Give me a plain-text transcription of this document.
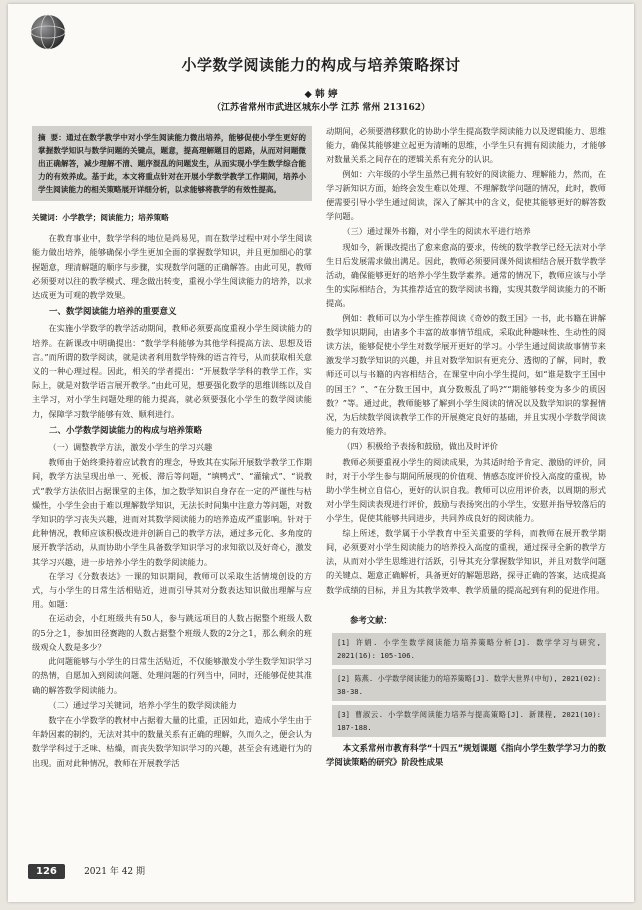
小学数学阅读能力的构成与培养策略探讨
◆ 韩 婷
（江苏省常州市武进区城东小学 江苏 常州 213162）
摘 要：通过在数学教学中对小学生阅读能力微出培养，能够促使小学生更好的掌握数学知识与数学问题的关键点，题意，提高理解题目的思路，从而对问题微出正确解答，减少理解不清、题序混乱的问题发生，从而实现小学生数学综合能力的有效养成。基于此，本文将重点针对在开展小学数学教学工作期间，培养小学生阅读能力的相关策略展开详细分析，以求能够将教学的有效性提高。
关键词：小学教学；阅读能力；培养策略

在教育事业中，数学学科的地位是尚易见，而在数学过程中对小学生阅读能力做出培养，能够确保小学生更加全面的掌握数学知识，并且更加细心的掌握题意，理清解题的顺序与步骤，实现数学问题的正确解答。由此可见，教师必须要对以往的教学模式、理念做出转变，重视小学生阅读能力的培养，以求达成更为可观的教学效果。

一、数学阅读能力培养的重要意义

在实施小学数学的教学活动期间，教师必须要高度重视小学生阅读能力的培养。在新课改中明确提出：“数学学科能够为其他学科提高方法、思想及语言。”而所谓的数学阅读，就是读者利用数学特殊的语言符号，从而获取相关意义的一种心理过程。因此，相关的学者提出：“开展数学学科的教学工作，实际上，就是对数学语言展开教学。”由此可见，想要强化数学的思维训练以及自主学习，对小学生问题处理的能力提高，就必须要强化小学生的数学阅读能力，保障学习数学能够有效、顺利进行。

二、小学数学阅读能力的构成与培养策略
（一）调整教学方法，激发小学生的学习兴趣

教师由于始终秉持着应试教育的理念，导致其在实际开展数学教学工作期间，教学方法呈现出单一、死板、滞后等问题，“填鸭式”、“灌输式”、“说教式”教学方法依旧占据课堂的主体，加之数学知识自身存在一定的严谨性与枯燥性，小学生会由于难以理解数学知识，无法长时间集中注意力等问题，对数学知识的学习丧失兴趣，进而对其数学阅读能力的培养造成严重影响。针对于此种情况，教师应该积极改进并创新自己的教学方法，通过多元化、多角度的展开教学活动，从而协助小学生具备数学知识学习的求知欲以及好奇心，激发其学习兴趣，进一步培养小学生的数学阅读能力。

在学习《分数表达》一课的知识期间，教师可以采取生活情境创设的方式，与小学生的日常生活相贴近，进而引导其对分数表达知识做出理解与应用。如题：

在运动会，小红班级共有50人，参与跳远项目的人数占据整个班级人数的5分之1，参加田径赛跑的人数占据整个班级人数的2分之1，那么剩余的班级观众人数是多少？

此问题能够与小学生的日常生活贴近，不仅能够激发小学生数学知识学习的热情，自愿加入到阅读问题、处理问题的行列当中，同时，还能够促使其准确的解答数学阅读能力。

（二）通过学习关键词，培养小学生的数学阅读能力

数字在小学数学的教材中占据着大量的比重，正因如此，造成小学生由于年龄因素的制约，无法对其中的数量关系有正确的理解，久而久之，便会认为数学学科过于乏味、枯燥，而丧失数学知识学习的兴趣，甚至会有逃避行为的出现。面对此种情况，教师在开展教学活

动期间，必须要潜移默化的协助小学生提高数学阅读能力以及逻辑能力、思维能力，确保其能够建立起更为清晰的思维，小学生只有拥有阅读能力，才能够对数量关系之间存在的逻辑关系有充分的认识。

例如：六年级的小学生虽然已拥有较好的阅读能力、理解能力，然而，在学习新知识方面，始终会发生难以处理、不理解数学问题的情况，此时，教师便需要引导小学生通过阅读，深入了解其中的含义，促使其能够更好的解答数学问题。

（三）通过课外书籍，对小学生的阅读水平进行培养

现如今，新课改提出了愈来愈高的要求，传统的数学教学已经无法对小学生日后发展需求做出满足。因此，教师必须要同课外阅读相结合展开数学教学活动，确保能够更好的培养小学生数学素养。通常的情况下，教师应该与小学生的实际相结合，为其推荐适宜的数学阅读书籍，实现其数学阅读能力的不断提高。

例如：教师可以为小学生推荐阅读《奇妙的数王国》一书，此书籍在讲解数学知识期间，由诸多个丰富的故事情节组成，采取此种趣味性、生动性的阅读方法，能够促使小学生对数学展开更好的学习。小学生通过阅读故事情节来激发学习数学知识的兴趣，并且对数学知识有更充分、透彻的了解，同时，教师还可以与书籍的内容相结合，在课堂中向小学生提问，如“谁是数字王国中的国王？”、“在分数王国中，真分数叛乱了吗?”“期能够转变为多少的质因数？”等。通过此，教师能够了解到小学生阅读的情况以及数学知识的掌握情况，为后续数学阅读教学工作的开展奠定良好的基础，并且实现小学数学阅读能力的有效培养。

（四）积极给予表扬和鼓励，做出及时评价

教师必须要重视小学生的阅读成果，为其适时给予肯定、激励的评价，同时，对于小学生参与期间所展现的价值观、情感态度评价投入高度的重视，协助小学生树立自信心，更好的认识自我。教师可以应用评价表，以周期的形式对小学生阅读表现进行评价，鼓励与表扬突出的小学生，安慰并指导较落后的小学生，促使其能够共同进步，共同养成良好的阅读能力。

综上所述，数学属于小学教育中至关重要的学科，而教师在展开教学期间，必须要对小学生阅读能力的培养投入高度的重视，通过探寻全新的教学方法，从而对小学生思维进行活跃，引导其充分掌握数学知识，并且对数学问题的关键点、题意正确解析，具备更好的解题思路，探寻正确的答案，达成提高数学成绩的目标，并且为其教学效率、教学质量的提高起到有利的促进作用。

参考文献：
[1] 许娟. 小学生数学阅读能力培养策略分析[J]. 数学学习与研究, 2021(16): 105-106.
[2] 陈燕. 小学数学阅读能力的培养策略[J]. 数学大世界(中旬), 2021(02): 38-38.
[3] 曹淑云. 小学数学阅读能力培养与提高策略[J]. 新课程, 2021(10): 187-188.

本文系常州市教育科学“十四五”规划课题《指向小学生数学学习力的数学阅读策略的研究》阶段性成果

126	2021 年 42 期
